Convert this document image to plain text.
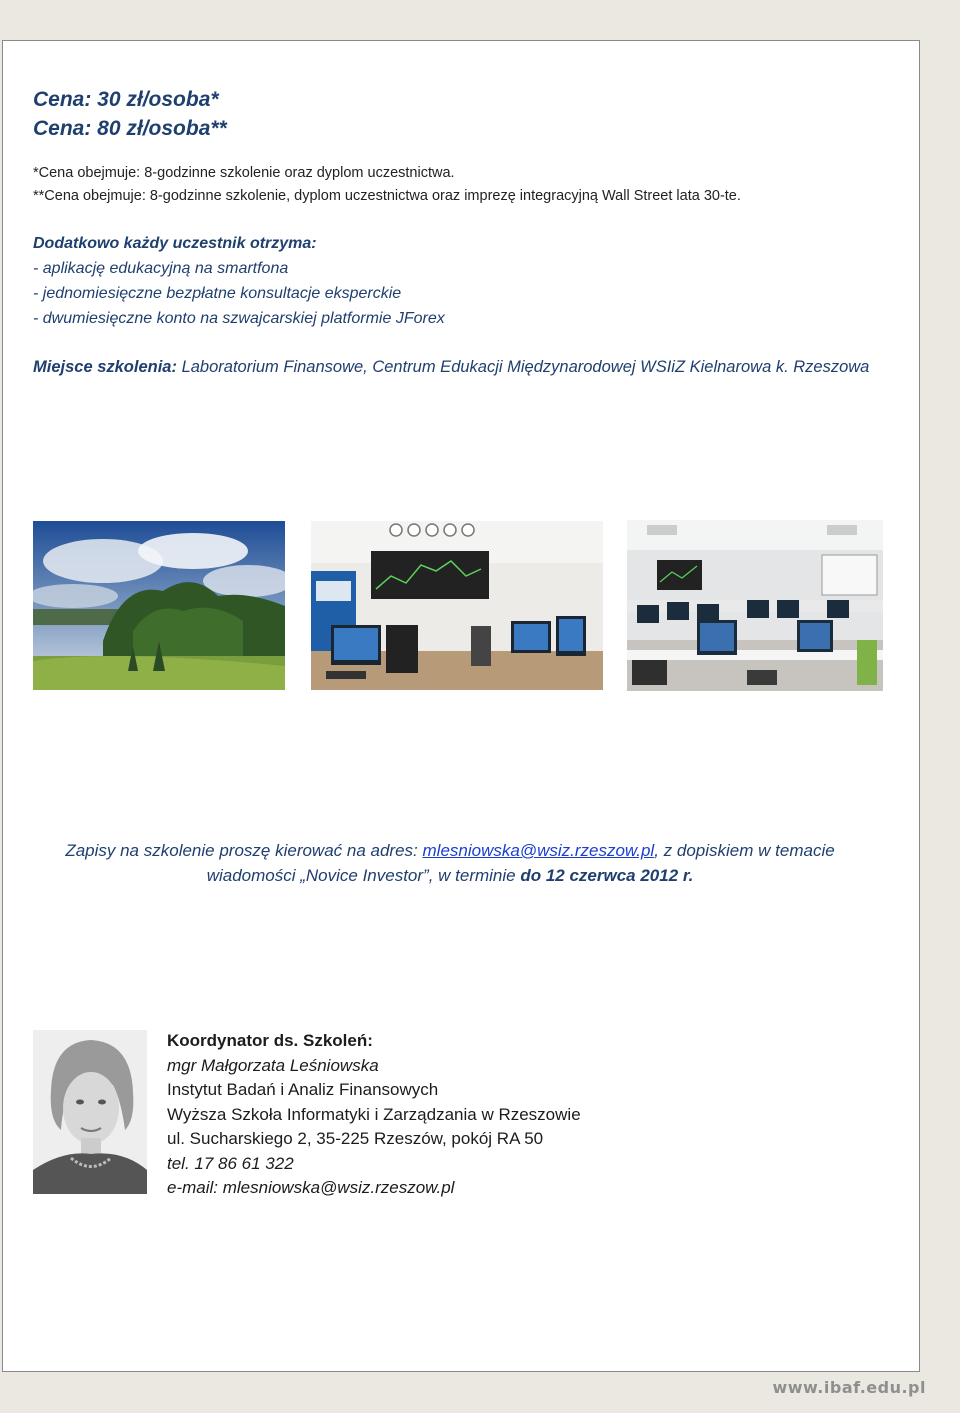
Cena: 30 zł/osoba*
Cena: 80 zł/osoba**
*Cena obejmuje: 8-godzinne szkolenie oraz dyplom uczestnictwa.
**Cena obejmuje: 8-godzinne szkolenie, dyplom uczestnictwa oraz imprezę integracyjną Wall Street lata 30-te.
Dodatkowo każdy uczestnik otrzyma:
- aplikację edukacyjną na smartfona
- jednomiesięczne bezpłatne konsultacje eksperckie
- dwumiesięczne konto na szwajcarskiej platformie JForex
Miejsce szkolenia: Laboratorium Finansowe, Centrum Edukacji Międzynarodowej WSIiZ Kielnarowa k. Rzeszowa
Zapisy na szkolenie proszę kierować na adres: mlesniowska@wsiz.rzeszow.pl, z dopiskiem w temacie wiadomości „Novice Investor”, w terminie do 12 czerwca 2012 r.
Koordynator ds. Szkoleń:
mgr Małgorzata Leśniowska
Instytut Badań i Analiz Finansowych
Wyższa Szkoła Informatyki i Zarządzania w Rzeszowie
ul. Sucharskiego 2, 35-225 Rzeszów, pokój RA 50
tel. 17 86 61 322
e-mail: mlesniowska@wsiz.rzeszow.pl
www.ibaf.edu.pl
